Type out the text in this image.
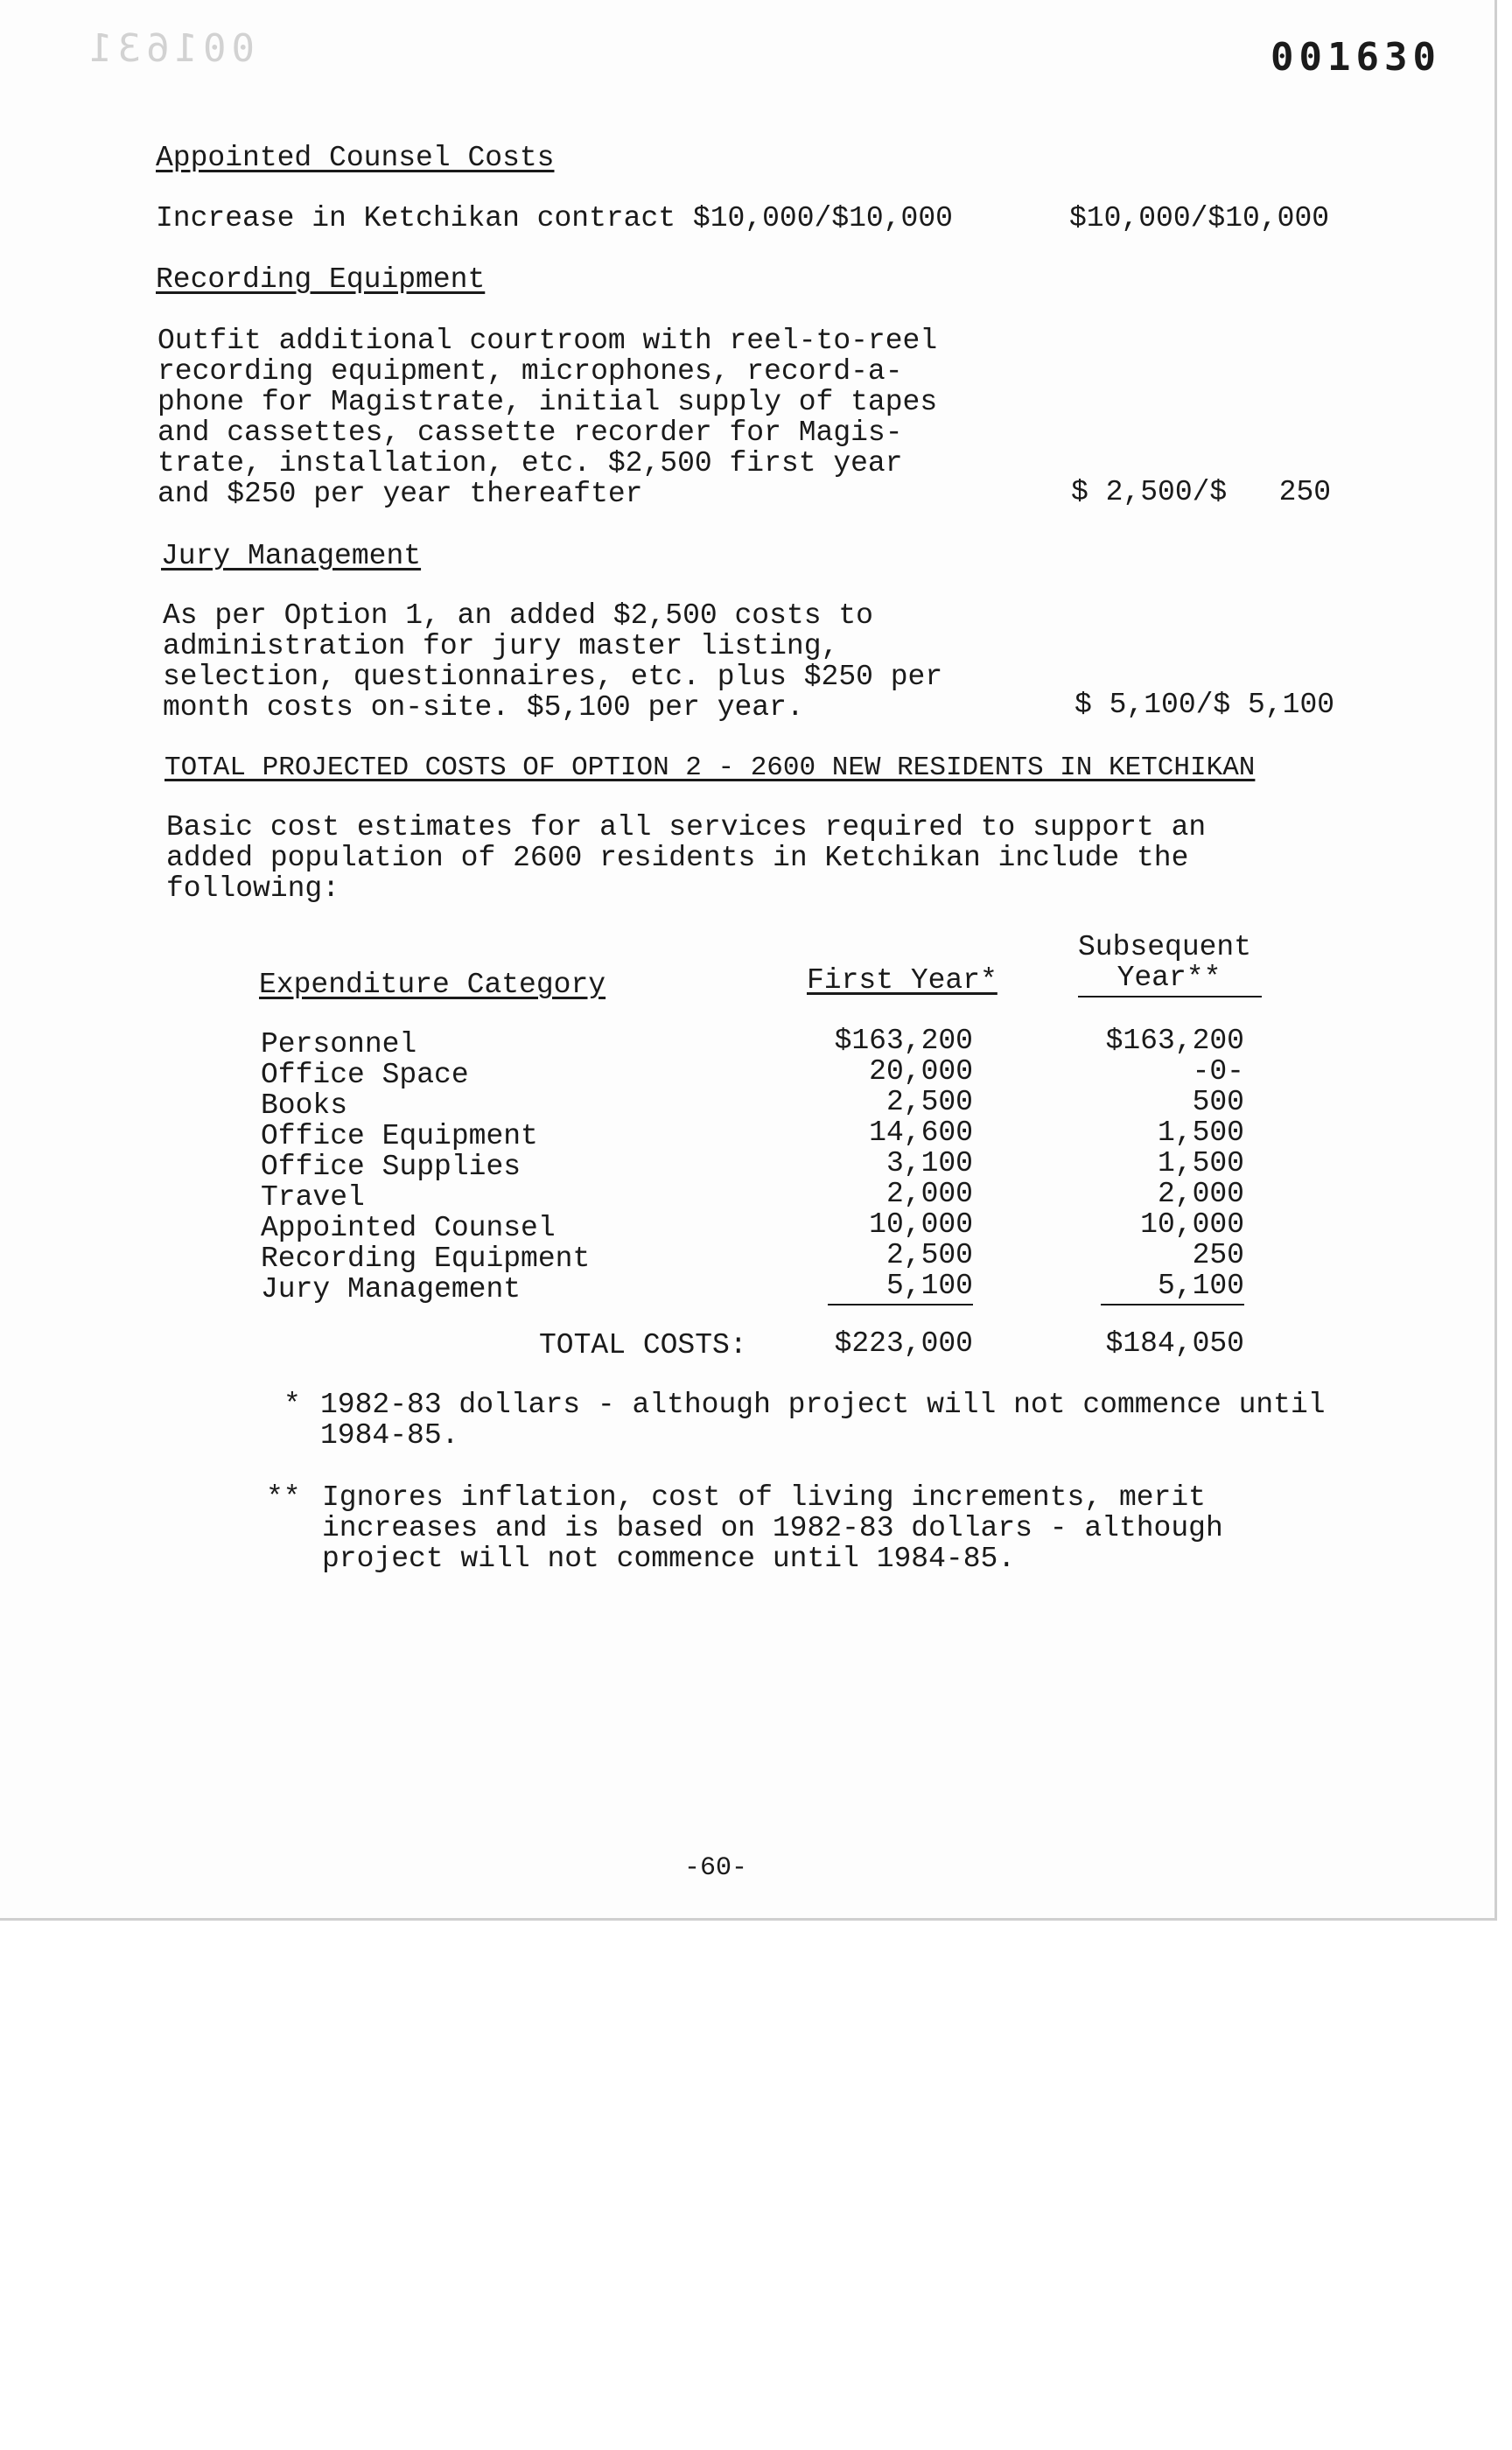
001631	001630
Appointed Counsel Costs
Increase in Ketchikan contract $10,000/$10,000	$10,000/$10,000
Recording Equipment
Outfit additional courtroom with reel-to-reel
recording equipment, microphones, record-a-
phone for Magistrate, initial supply of tapes
and cassettes, cassette recorder for Magis-
trate, installation, etc. $2,500 first year
and $250 per year thereafter	$ 2,500/$   250
Jury Management
As per Option 1, an added $2,500 costs to
administration for jury master listing,
selection, questionnaires, etc. plus $250 per
month costs on-site. $5,100 per year.	$ 5,100/$ 5,100
TOTAL PROJECTED COSTS OF OPTION 2 - 2600 NEW RESIDENTS IN KETCHIKAN
Basic cost estimates for all services required to support an
added population of 2600 residents in Ketchikan include the
following:
Expenditure Category	First Year*
Subsequent
Year**
Personnel	$163,200	$163,200
Office Space	20,000	-0-
Books	2,500	500
Office Equipment	14,600	1,500
Office Supplies	3,100	1,500
Travel	2,000	2,000
Appointed Counsel	10,000	10,000
Recording Equipment	2,500	250
Jury Management	5,100	5,100
TOTAL COSTS:	$223,000	$184,050
* 1982-83 dollars - although project will not commence until
1984-85.
** Ignores inflation, cost of living increments, merit
increases and is based on 1982-83 dollars - although
project will not commence until 1984-85.
-60-
